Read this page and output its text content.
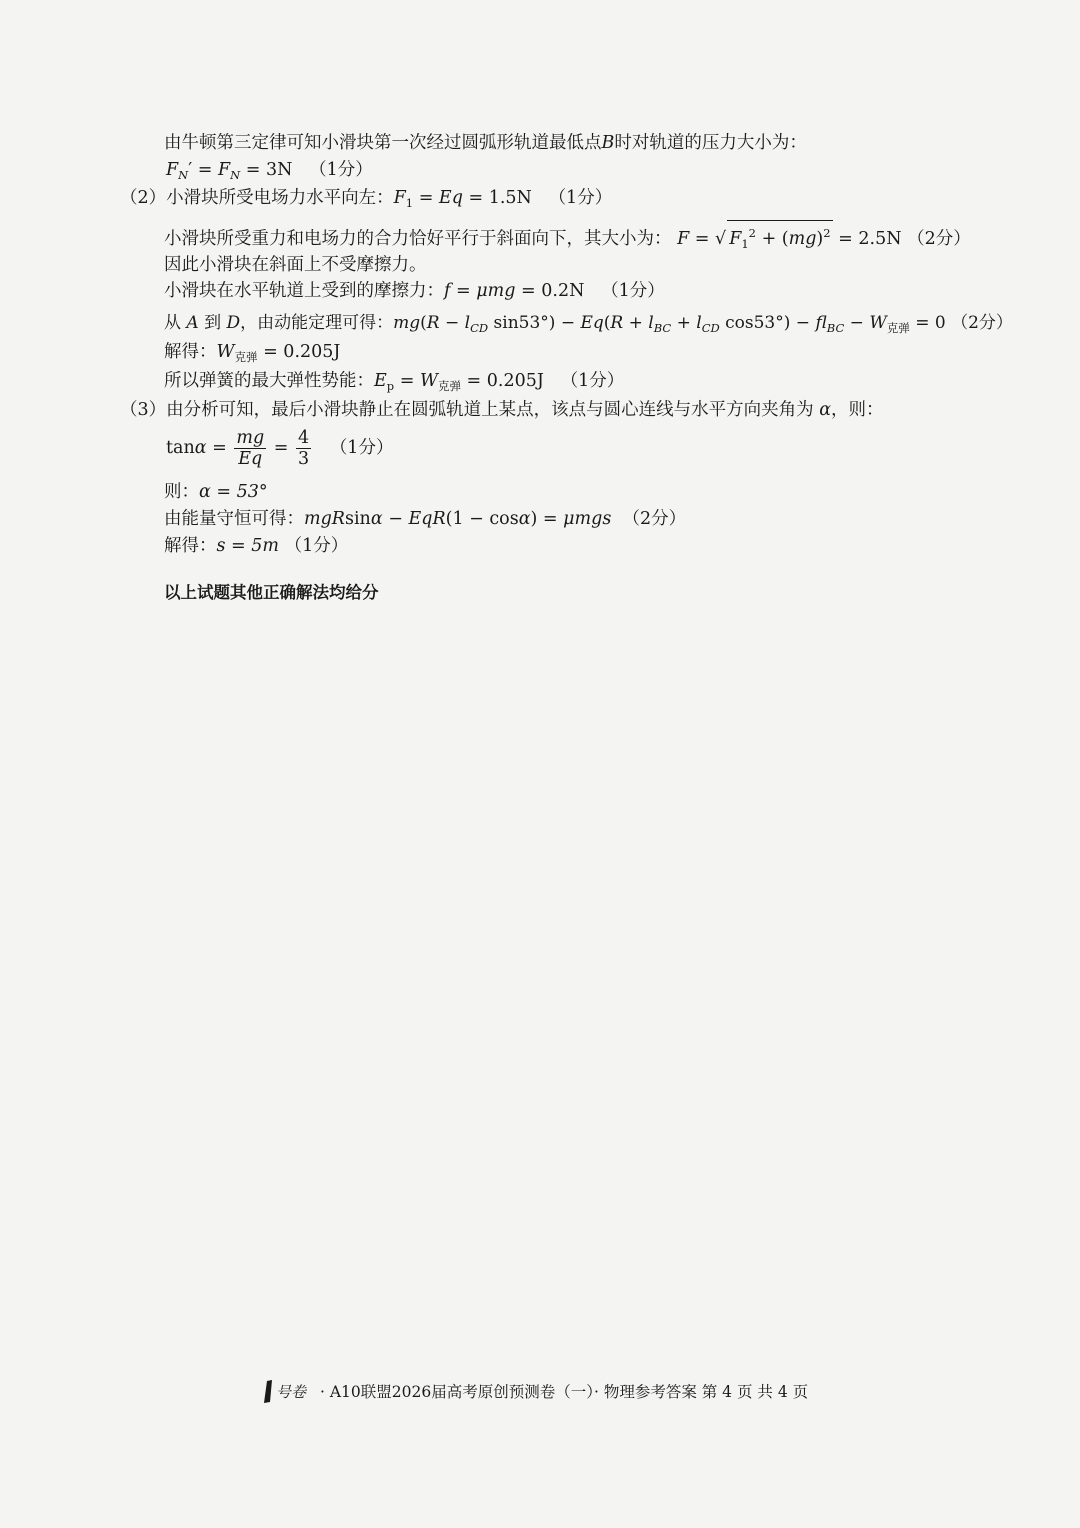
由牛顿第三定律可知小滑块第一次经过圆弧形轨道最低点B时对轨道的压力大小为：
$F_N' = F_N = 3N$ （1分）
（2）小滑块所受电场力水平向左：$F_1 = Eq = 1.5N$ （1分）
小滑块所受重力和电场力的合力恰好平行于斜面向下，其大小为： F = √ $F_1^2 + (mg)^2 = 2.5N$ （2分）
因此小滑块在斜面上不受摩擦力。
小滑块在水平轨道上受到的摩擦力：f = μmg = 0.2N （1分）
从 A 到 D，由动能定理可得：$mg(R - l_{CD}$ $\sin 53^\circ) - Eq(R + l_{BC} + l_{CD}$ $\cos 53^\circ) - fl_{BC} - W_{克弹} = 0$ （2分）
解得：$W_{克弹} = 0.205J$
所以弹簧的最大弹性势能：$E_p = W_{克弹} = 0.205J$ （1分）
（3）由分析可知，最后小滑块静止在圆弧轨道上某点，该点与圆心连线与水平方向夹角为 α，则：
$\tan\alpha = \frac{mg}{Eq} = \frac{4}{3} (1$分）
则：α = 53°
由能量守恒可得：mgRsinα − EqR(1 − cosα) = μmgs （2分）
解得：s = 5m （1分）
以上试题其他正确解法均给分
号卷 · A10联盟2026届高考原创预测卷（一）· 物理参考答案 第 4 页 共 4 页
